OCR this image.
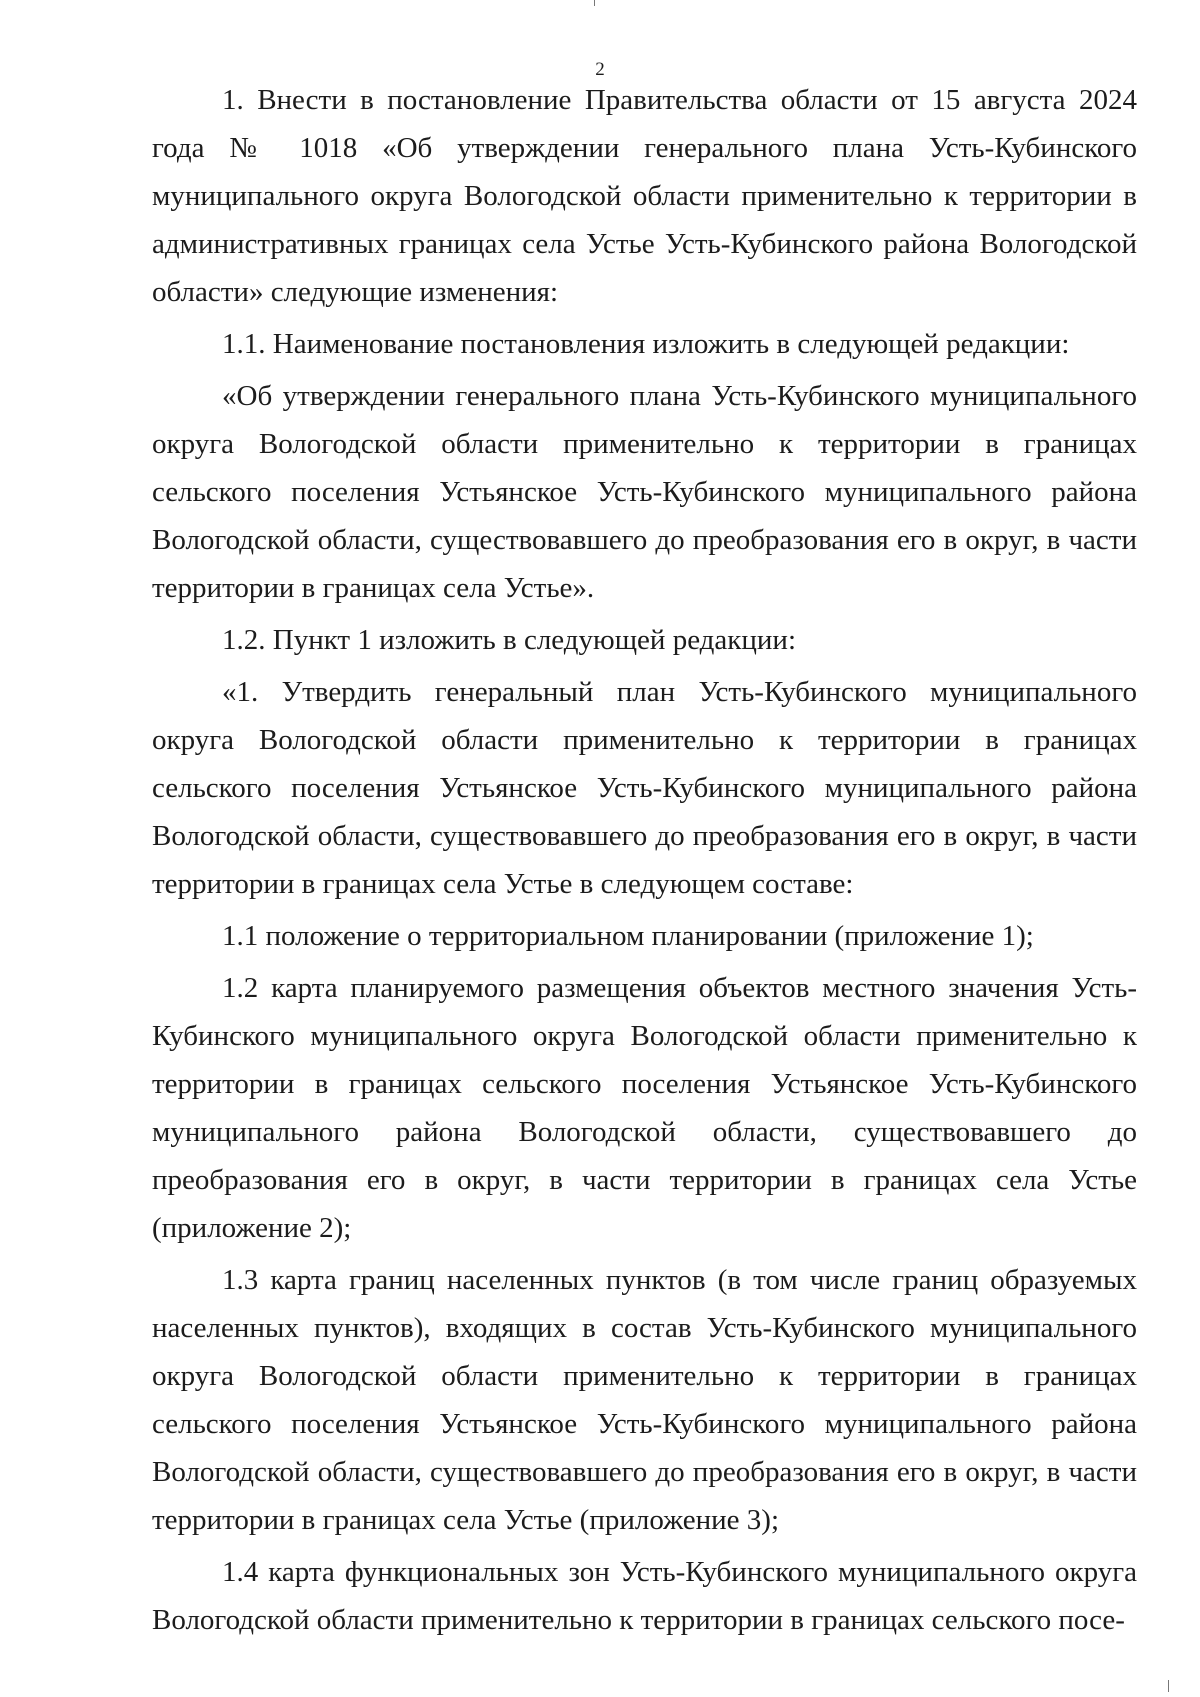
2

1. Внести в постановление Правительства области от 15 августа 2024 года № 1018 «Об утверждении генерального плана Усть-Кубинского муниципального округа Вологодской области применительно к территории в административных границах села Устье Усть-Кубинского района Вологодской области» следующие изменения:

1.1. Наименование постановления изложить в следующей редакции:

«Об утверждении генерального плана Усть-Кубинского муниципального округа Вологодской области применительно к территории в границах сельского поселения Устьянское Усть-Кубинского муниципального района Вологодской области, существовавшего до преобразования его в округ, в части территории в границах села Устье».

1.2. Пункт 1 изложить в следующей редакции:

«1. Утвердить генеральный план Усть-Кубинского муниципального округа Вологодской области применительно к территории в границах сельского поселения Устьянское Усть-Кубинского муниципального района Вологодской области, существовавшего до преобразования его в округ, в части территории в границах села Устье в следующем составе:

1.1 положение о территориальном планировании (приложение 1);

1.2 карта планируемого размещения объектов местного значения Усть-Кубинского муниципального округа Вологодской области применительно к территории в границах сельского поселения Устьянское Усть-Кубинского муниципального района Вологодской области, существовавшего до преобразования его в округ, в части территории в границах села Устье (приложение 2);

1.3 карта границ населенных пунктов (в том числе границ образуемых населенных пунктов), входящих в состав Усть-Кубинского муниципального округа Вологодской области применительно к территории в границах сельского поселения Устьянское Усть-Кубинского муниципального района Вологодской области, существовавшего до преобразования его в округ, в части территории в границах села Устье (приложение 3);

1.4 карта функциональных зон Усть-Кубинского муниципального округа Вологодской области применительно к территории в границах сельского посе-
